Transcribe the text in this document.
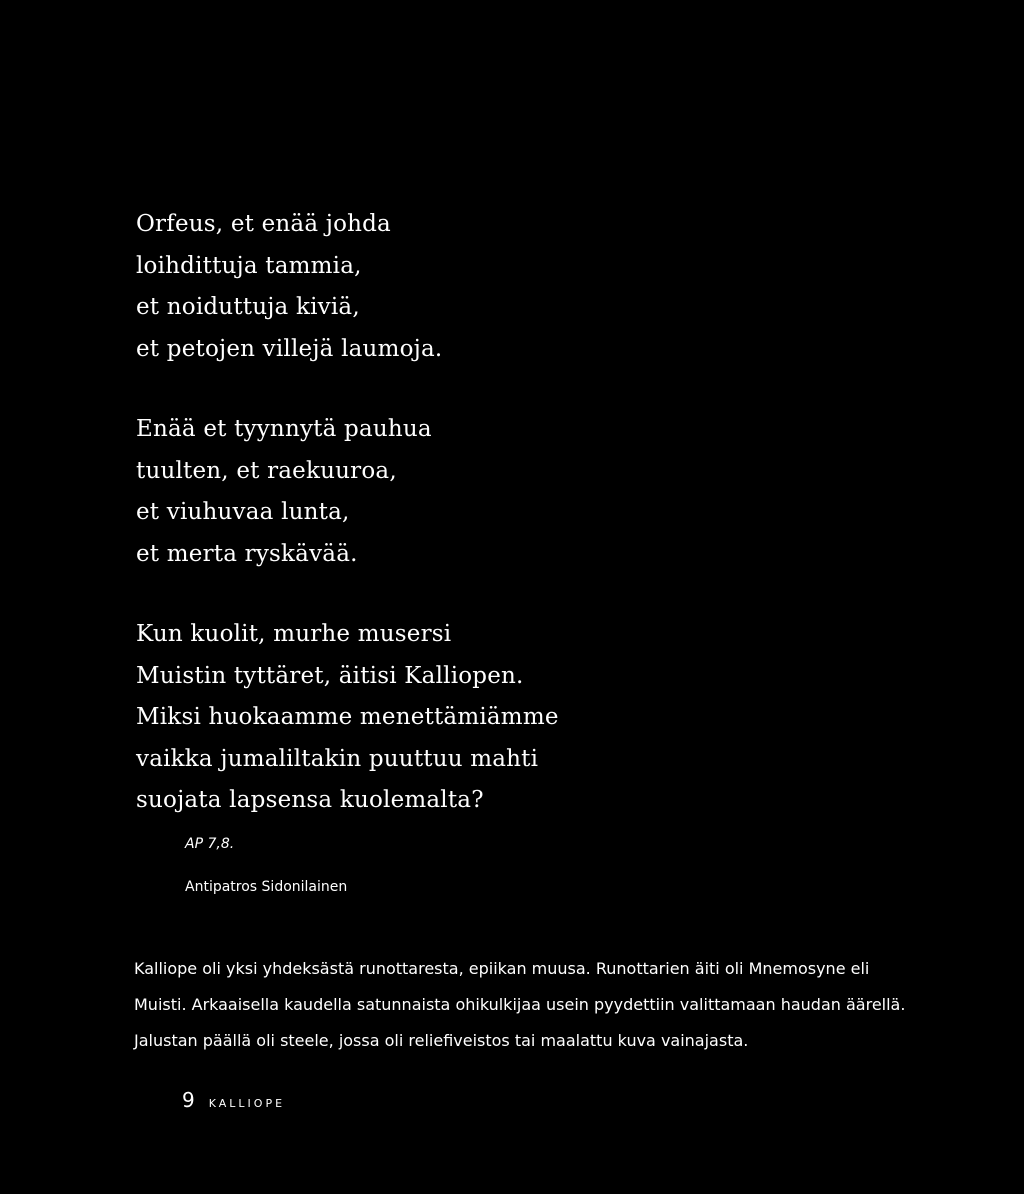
Orfeus, et enää johda
loihdittuja tammia,
et noiduttuja kiviä,
et petojen villejä laumoja.
Enää et tyynnytä pauhua
tuulten, et raekuuroa,
et viuhuvaa lunta,
et merta ryskävää.
Kun kuolit, murhe musersi
Muistin tyttäret, äitisi Kalliopen.
Miksi huokaamme menettämiämme
vaikka jumaliltakin puuttuu mahti
suojata lapsensa kuolemalta?
AP 7,8.
Antipatros Sidonilainen

Kalliope oli yksi yhdeksästä runottaresta, epiikan muusa. Runottarien äiti oli Mnemosyne eli
Muisti. Arkaaisella kaudella satunnaista ohikulkijaa usein pyydettiin valittamaan haudan äärellä.
Jalustan päällä oli steele, jossa oli reliefiveistos tai maalattu kuva vainajasta.

9 KALLIOPE
